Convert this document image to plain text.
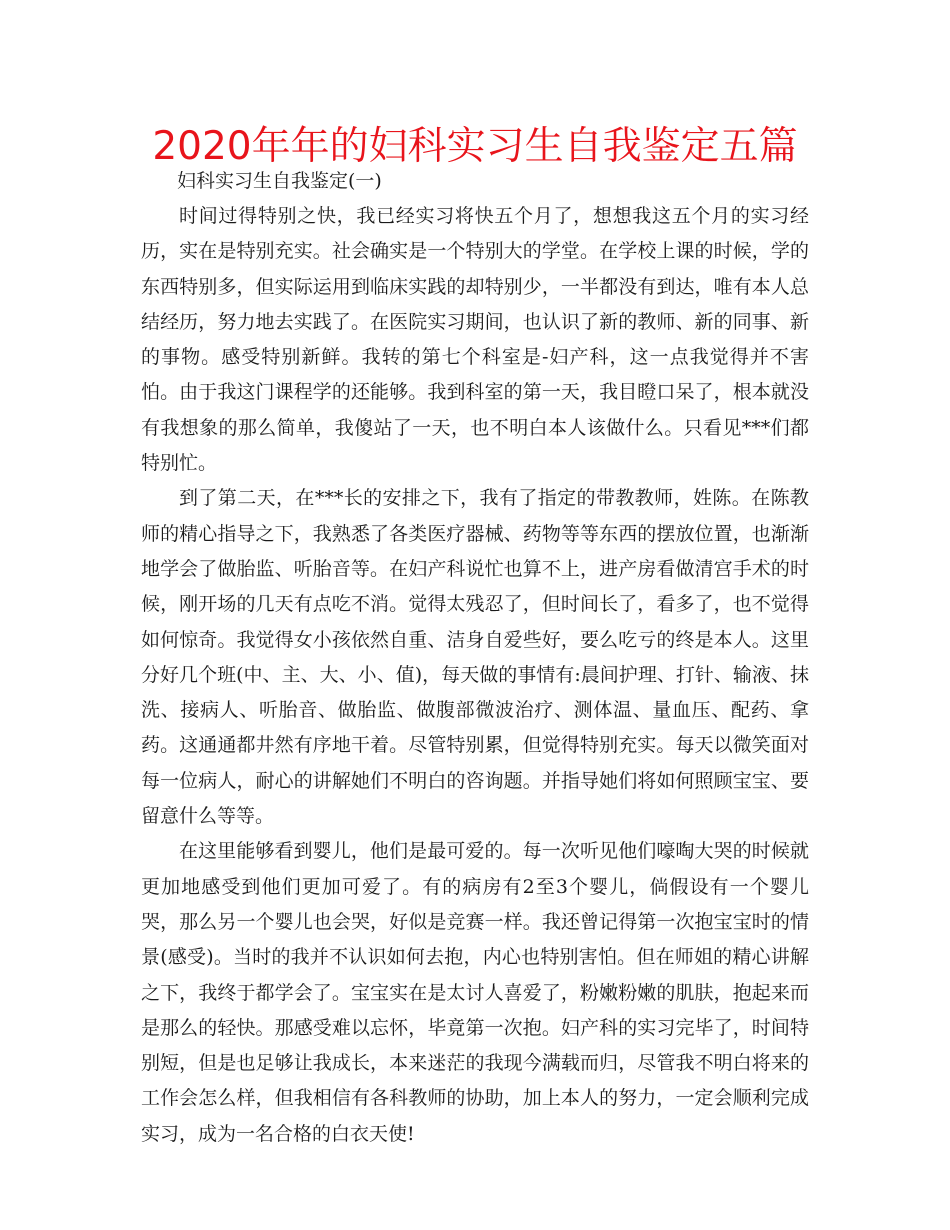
2020年年的妇科实习生自我鉴定五篇
妇科实习生自我鉴定(一)

时间过得特别之快，我已经实习将快五个月了，想想我这五个月的实习经历，实在是特别充实。社会确实是一个特别大的学堂。在学校上课的时候，学的东西特别多，但实际运用到临床实践的却特别少，一半都没有到达，唯有本人总结经历，努力地去实践了。在医院实习期间，也认识了新的教师、新的同事、新的事物。感受特别新鲜。我转的第七个科室是-妇产科，这一点我觉得并不害怕。由于我这门课程学的还能够。我到科室的第一天，我目瞪口呆了，根本就没有我想象的那么简单，我傻站了一天，也不明白本人该做什么。只看见***们都特别忙。

到了第二天，在***长的安排之下，我有了指定的带教教师，姓陈。在陈教师的精心指导之下，我熟悉了各类医疗器械、药物等等东西的摆放位置，也渐渐地学会了做胎监、听胎音等。在妇产科说忙也算不上，进产房看做清宫手术的时候，刚开场的几天有点吃不消。觉得太残忍了，但时间长了，看多了，也不觉得如何惊奇。我觉得女小孩依然自重、洁身自爱些好，要么吃亏的终是本人。这里分好几个班(中、主、大、小、值)，每天做的事情有:晨间护理、打针、输液、抹洗、接病人、听胎音、做胎监、做腹部微波治疗、测体温、量血压、配药、拿药。这通通都井然有序地干着。尽管特别累，但觉得特别充实。每天以微笑面对每一位病人，耐心的讲解她们不明白的咨询题。并指导她们将如何照顾宝宝、要留意什么等等。

在这里能够看到婴儿，他们是最可爱的。每一次听见他们嚎啕大哭的时候就更加地感受到他们更加可爱了。有的病房有2至3个婴儿，倘假设有一个婴儿哭，那么另一个婴儿也会哭，好似是竞赛一样。我还曾记得第一次抱宝宝时的情景(感受)。当时的我并不认识如何去抱，内心也特别害怕。但在师姐的精心讲解之下，我终于都学会了。宝宝实在是太讨人喜爱了，粉嫩粉嫩的肌肤，抱起来而是那么的轻快。那感受难以忘怀，毕竟第一次抱。妇产科的实习完毕了，时间特别短，但是也足够让我成长，本来迷茫的我现今满载而归，尽管我不明白将来的工作会怎么样，但我相信有各科教师的协助，加上本人的努力，一定会顺利完成实习，成为一名合格的白衣天使!
